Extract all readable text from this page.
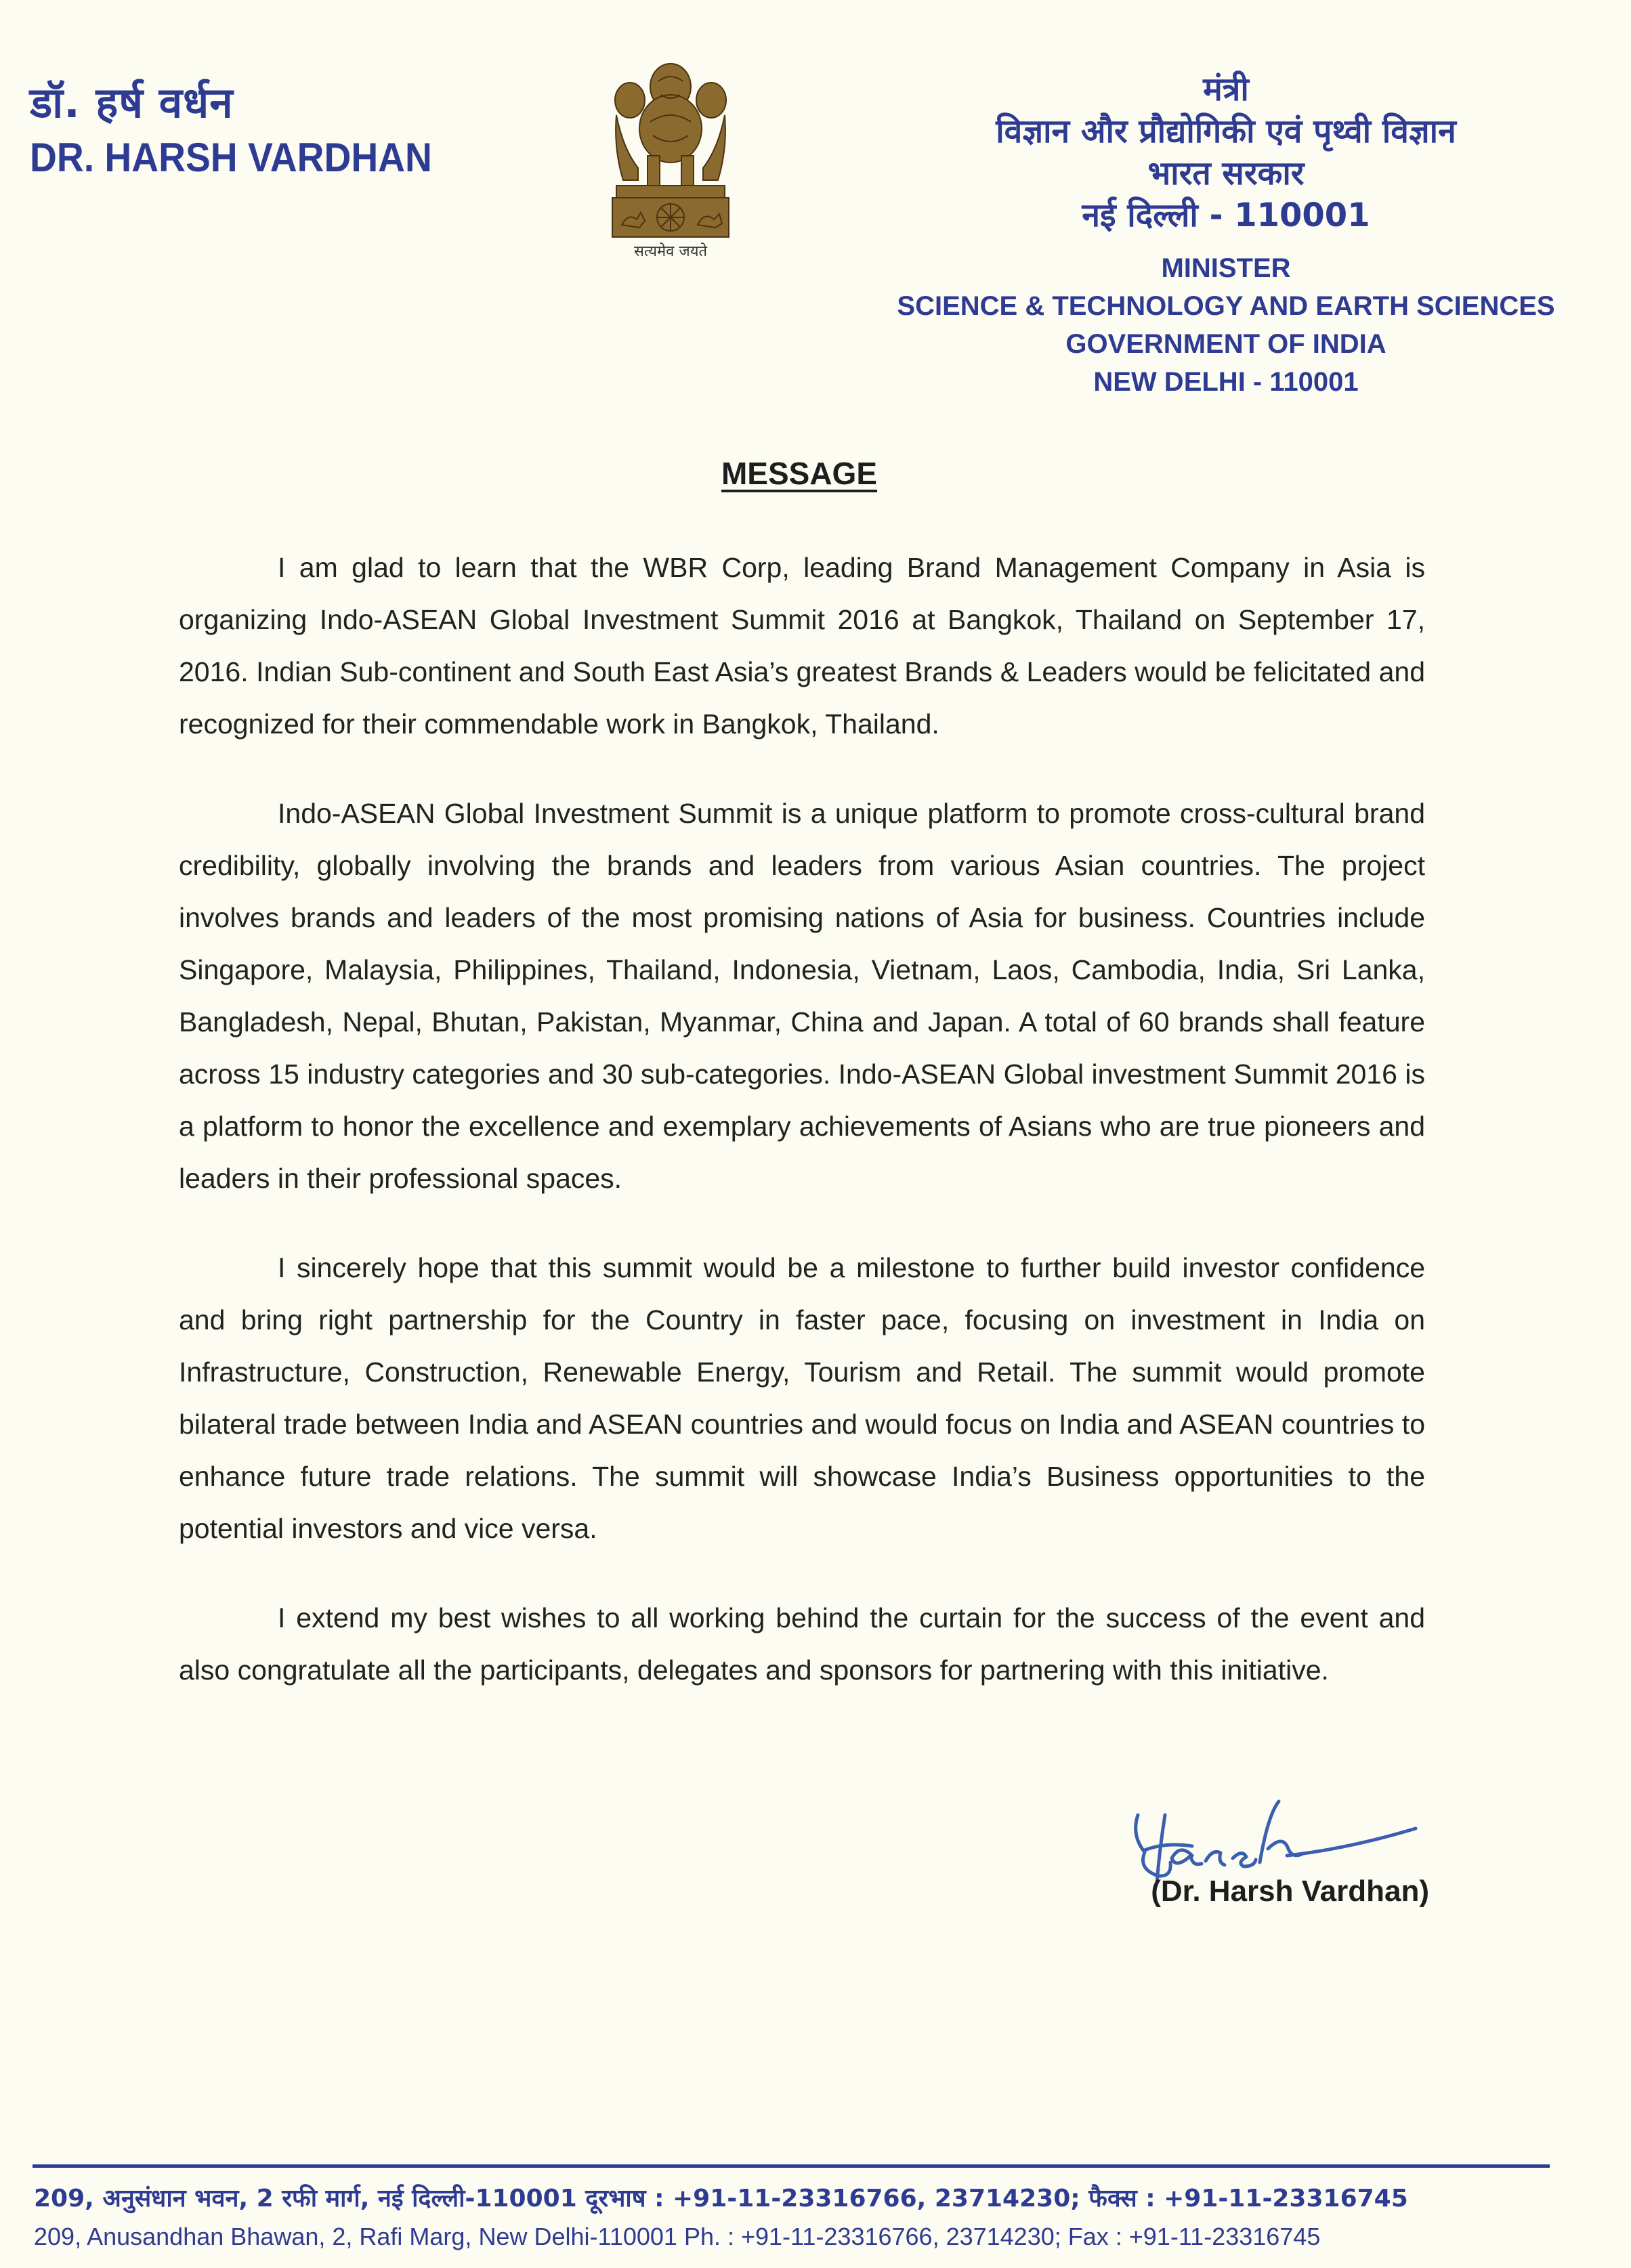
डॉ. हर्ष वर्धन
DR. HARSH VARDHAN
सत्यमेव जयते
मंत्री
विज्ञान और प्रौद्योगिकी एवं पृथ्वी विज्ञान
भारत सरकार
नई दिल्ली - 110001
MINISTER
SCIENCE & TECHNOLOGY AND EARTH SCIENCES
GOVERNMENT OF INDIA
NEW DELHI - 110001
MESSAGE

I am glad to learn that the WBR Corp, leading Brand Management Company in Asia is organizing Indo-ASEAN Global Investment Summit 2016 at Bangkok, Thailand on September 17, 2016. Indian Sub-continent and South East Asia’s greatest Brands & Leaders would be felicitated and recognized for their commendable work in Bangkok, Thailand.

Indo-ASEAN Global Investment Summit is a unique platform to promote cross-cultural brand credibility, globally involving the brands and leaders from various Asian countries. The project involves brands and leaders of the most promising nations of Asia for business. Countries include Singapore, Malaysia, Philippines, Thailand, Indonesia, Vietnam, Laos, Cambodia, India, Sri Lanka, Bangladesh, Nepal, Bhutan, Pakistan, Myanmar, China and Japan. A total of 60 brands shall feature across 15 industry categories and 30 sub-categories. Indo-ASEAN Global investment Summit 2016 is a platform to honor the excellence and exemplary achievements of Asians who are true pioneers and leaders in their professional spaces.

I sincerely hope that this summit would be a milestone to further build investor confidence and bring right partnership for the Country in faster pace, focusing on investment in India on Infrastructure, Construction, Renewable Energy, Tourism and Retail. The summit would promote bilateral trade between India and ASEAN countries and would focus on India and ASEAN countries to enhance future trade relations. The summit will showcase India’s Business opportunities to the potential investors and vice versa.

I extend my best wishes to all working behind the curtain for the success of the event and also congratulate all the participants, delegates and sponsors for partnering with this initiative.

(Dr. Harsh Vardhan)
209, अनुसंधान भवन, 2 रफी मार्ग, नई दिल्ली-110001 दूरभाष : +91-11-23316766, 23714230; फैक्स : +91-11-23316745
209, Anusandhan Bhawan, 2, Rafi Marg, New Delhi-110001 Ph. : +91-11-23316766, 23714230; Fax : +91-11-23316745
